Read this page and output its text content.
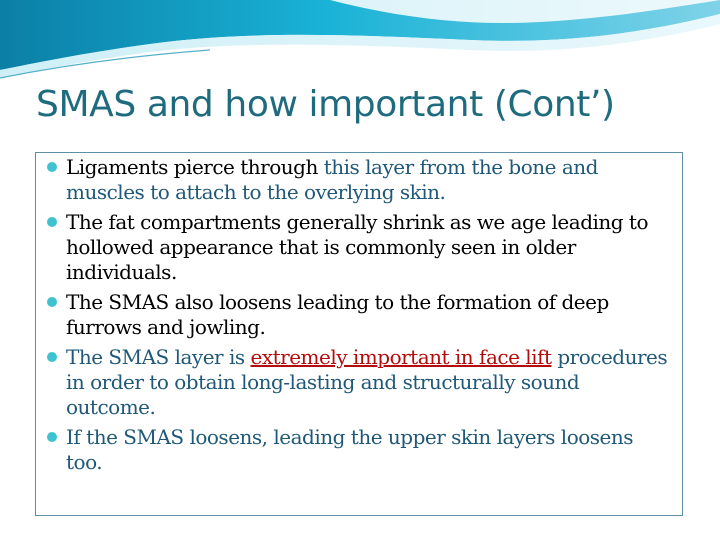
SMAS and how important (Cont’)
Ligaments pierce through this layer from the bone and muscles to attach to the overlying skin.
The fat compartments generally shrink as we age leading to hollowed appearance that is commonly seen in older individuals.
The SMAS also loosens leading to the formation of deep furrows and jowling.
The SMAS layer is extremely important in face lift procedures in order to obtain long-lasting and structurally sound outcome.
If the SMAS loosens, leading the upper skin layers loosens too.
